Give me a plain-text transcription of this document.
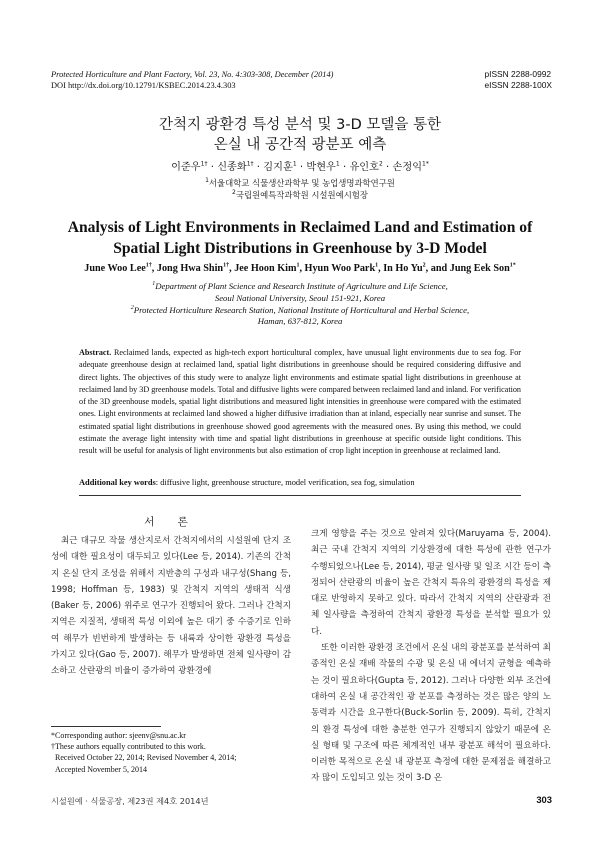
Protected Horticulture and Plant Factory, Vol. 23, No. 4:303-308, December (2014)
DOI http://dx.doi.org/10.12791/KSBEC.2014.23.4.303
pISSN 2288-0992
eISSN 2288-100X
간척지 광환경 특성 분석 및 3-D 모델을 통한
온실 내 공간적 광분포 예측
이준우$^{1\dagger}$ · 신종화$^{1\dagger}$ · 김지훈$^1$ · 박현우$^1$ · 유인호$^2$ · 손정익$^{1*}$
$^1$서울대학교 식물생산과학부 및 농업생명과학연구원
$^2$국립원예특작과학원 시설원예시험장
Analysis of Light Environments in Reclaimed Land and Estimation of
Spatial Light Distributions in Greenhouse by 3-D Model
June Woo Lee$^{1\dagger}$, Jong Hwa Shin$^{1\dagger}$, Jee Hoon Kim$^1$, Hyun Woo Park$^1$, In Ho Yu$^2$, and Jung Eek Son$^{1*}$
$^1$Department of Plant Science and Research Institute of Agriculture and Life Science,
Seoul National University, Seoul 151-921, Korea
$^2$Protected Horticulture Research Station, National Institute of Horticultural and Herbal Science,
Haman, 637-812, Korea
Abstract. Reclaimed lands, expected as high-tech export horticultural complex, have unusual light environments due to sea fog. For adequate greenhouse design at reclaimed land, spatial light distributions in greenhouse should be required considering diffusive and direct lights. The objectives of this study were to analyze light environments and estimate spatial light distributions in greenhouse at reclaimed land by 3D greenhouse models. Total and diffusive lights were compared between reclaimed land and inland. For verification of the 3D greenhouse models, spatial light distributions and measured light intensities in greenhouse were compared with the estimated ones. Light environments at reclaimed land showed a higher diffusive irradiation than at inland, especially near sunrise and sunset. The estimated spatial light distributions in greenhouse showed good agreements with the measured ones. By using this method, we could estimate the average light intensity with time and spatial light distributions in greenhouse at specific outside light conditions. This result will be useful for analysis of light environments but also estimation of crop light inception in greenhouse at reclaimed land.
Additional key words: diffusive light, greenhouse structure, model verification, sea fog, simulation
서 론

최근 대규모 작물 생산지로서 간척지에서의 시설원예 단지 조성에 대한 필요성이 대두되고 있다(Lee 등, 2014). 기존의 간척지 온실 단지 조성을 위해서 지반층의 구성과 내구성(Shang 등, 1998; Hoffman 등, 1983) 및 간척지 지역의 생태적 식생(Baker 등, 2006) 위주로 연구가 진행되어 왔다. 그러나 간척지 지역은 지질적, 생태적 특성 이외에 높은 대기 중 수증기로 인하여 해무가 빈번하게 발생하는 등 내륙과 상이한 광환경 특성을 가지고 있다(Gao 등, 2007). 해무가 발생하면 전체 일사량이 감소하고 산란광의 비율이 증가하여 광환경에

크게 영향을 주는 것으로 알려져 있다(Maruyama 등, 2004). 최근 국내 간척지 지역의 기상환경에 대한 특성에 관한 연구가 수행되었으나(Lee 등, 2014), 평균 일사량 및 일조 시간 등이 측정되어 산란광의 비율이 높은 간척지 특유의 광환경의 특성을 제대로 반영하지 못하고 있다. 따라서 간척지 지역의 산란광과 전체 일사량을 측정하여 간척지 광환경 특성을 분석할 필요가 있다.

또한 이러한 광환경 조건에서 온실 내의 광분포를 분석하여 최종적인 온실 재배 작물의 수광 및 온실 내 에너지 균형을 예측하는 것이 필요하다(Gupta 등, 2012). 그러나 다양한 외부 조건에 대하여 온실 내 공간적인 광 분포를 측정하는 것은 많은 양의 노동력과 시간을 요구한다(Buck-Sorlin 등, 2009). 특히, 간척지의 환경 특성에 대한 충분한 연구가 진행되지 않았기 때문에 온실 형태 및 구조에 따른 체계적인 내부 광분포 해석이 필요하다. 이러한 목적으로 온실 내 광분포 측정에 대한 문제점을 해결하고자 많이 도입되고 있는 것이 3-D 온

*Corresponding author: sjeenv@snu.ac.kr
†These authors equally contributed to this work.
Received October 22, 2014; Revised November 4, 2014;
Accepted November 5, 2014
시설원예 · 식물공장, 제23권 제4호 2014년	303
